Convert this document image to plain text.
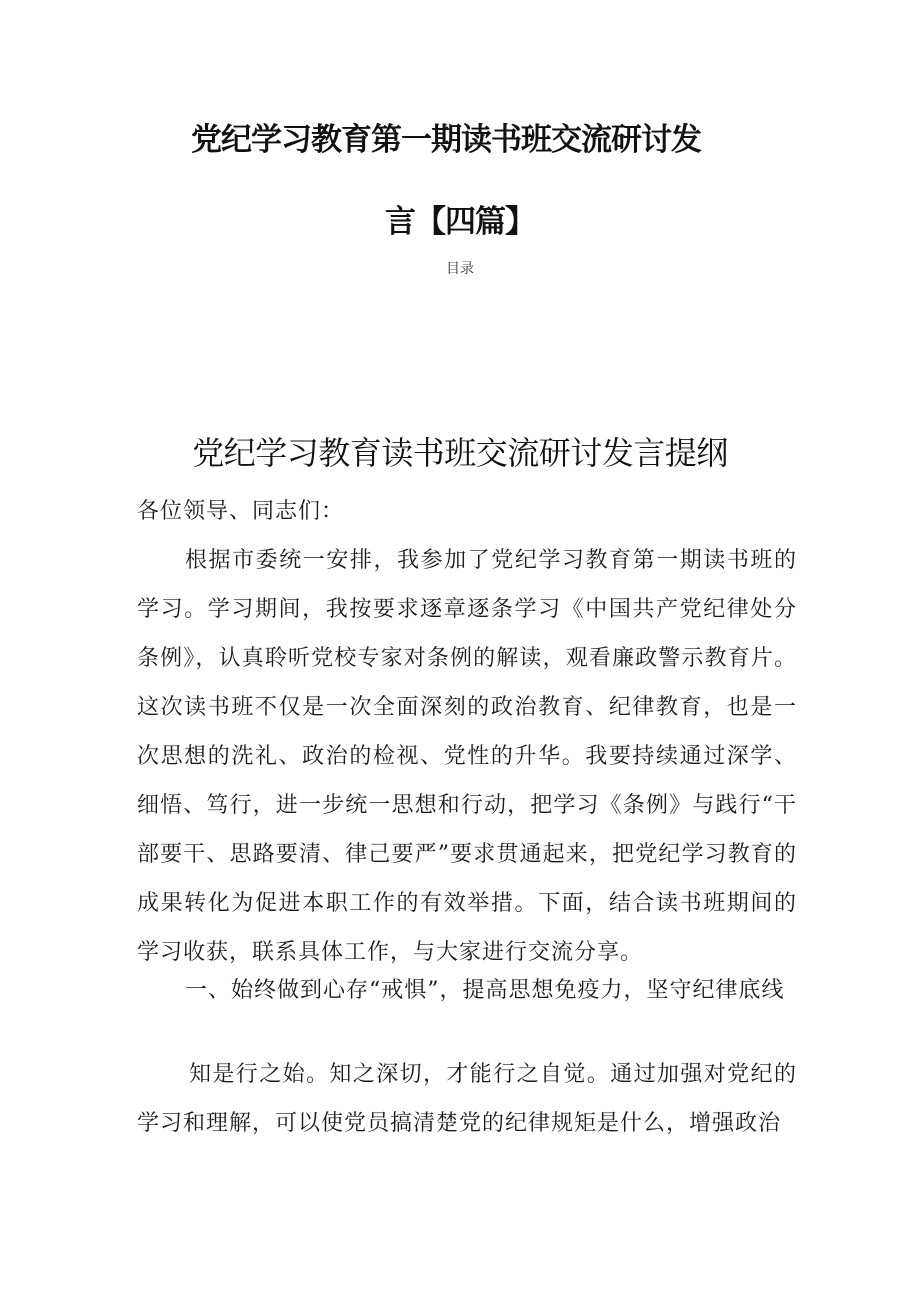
党纪学习教育第一期读书班交流研讨发
言【四篇】
目录
党纪学习教育读书班交流研讨发言提纲

各位领导、同志们：

根据市委统一安排，我参加了党纪学习教育第一期读书班的学习。学习期间，我按要求逐章逐条学习《中国共产党纪律处分条例》，认真聆听党校专家对条例的解读，观看廉政警示教育片。这次读书班不仅是一次全面深刻的政治教育、纪律教育，也是一次思想的洗礼、政治的检视、党性的升华。我要持续通过深学、细悟、笃行，进一步统一思想和行动，把学习《条例》与践行“干部要干、思路要清、律己要严”要求贯通起来，把党纪学习教育的成果转化为促进本职工作的有效举措。下面，结合读书班期间的学习收获，联系具体工作，与大家进行交流分享。

一、始终做到心存“戒惧”，提高思想免疫力，坚守纪律底线

知是行之始。知之深切，才能行之自觉。通过加强对党纪的学习和理解，可以使党员搞清楚党的纪律规矩是什么，增强政治
